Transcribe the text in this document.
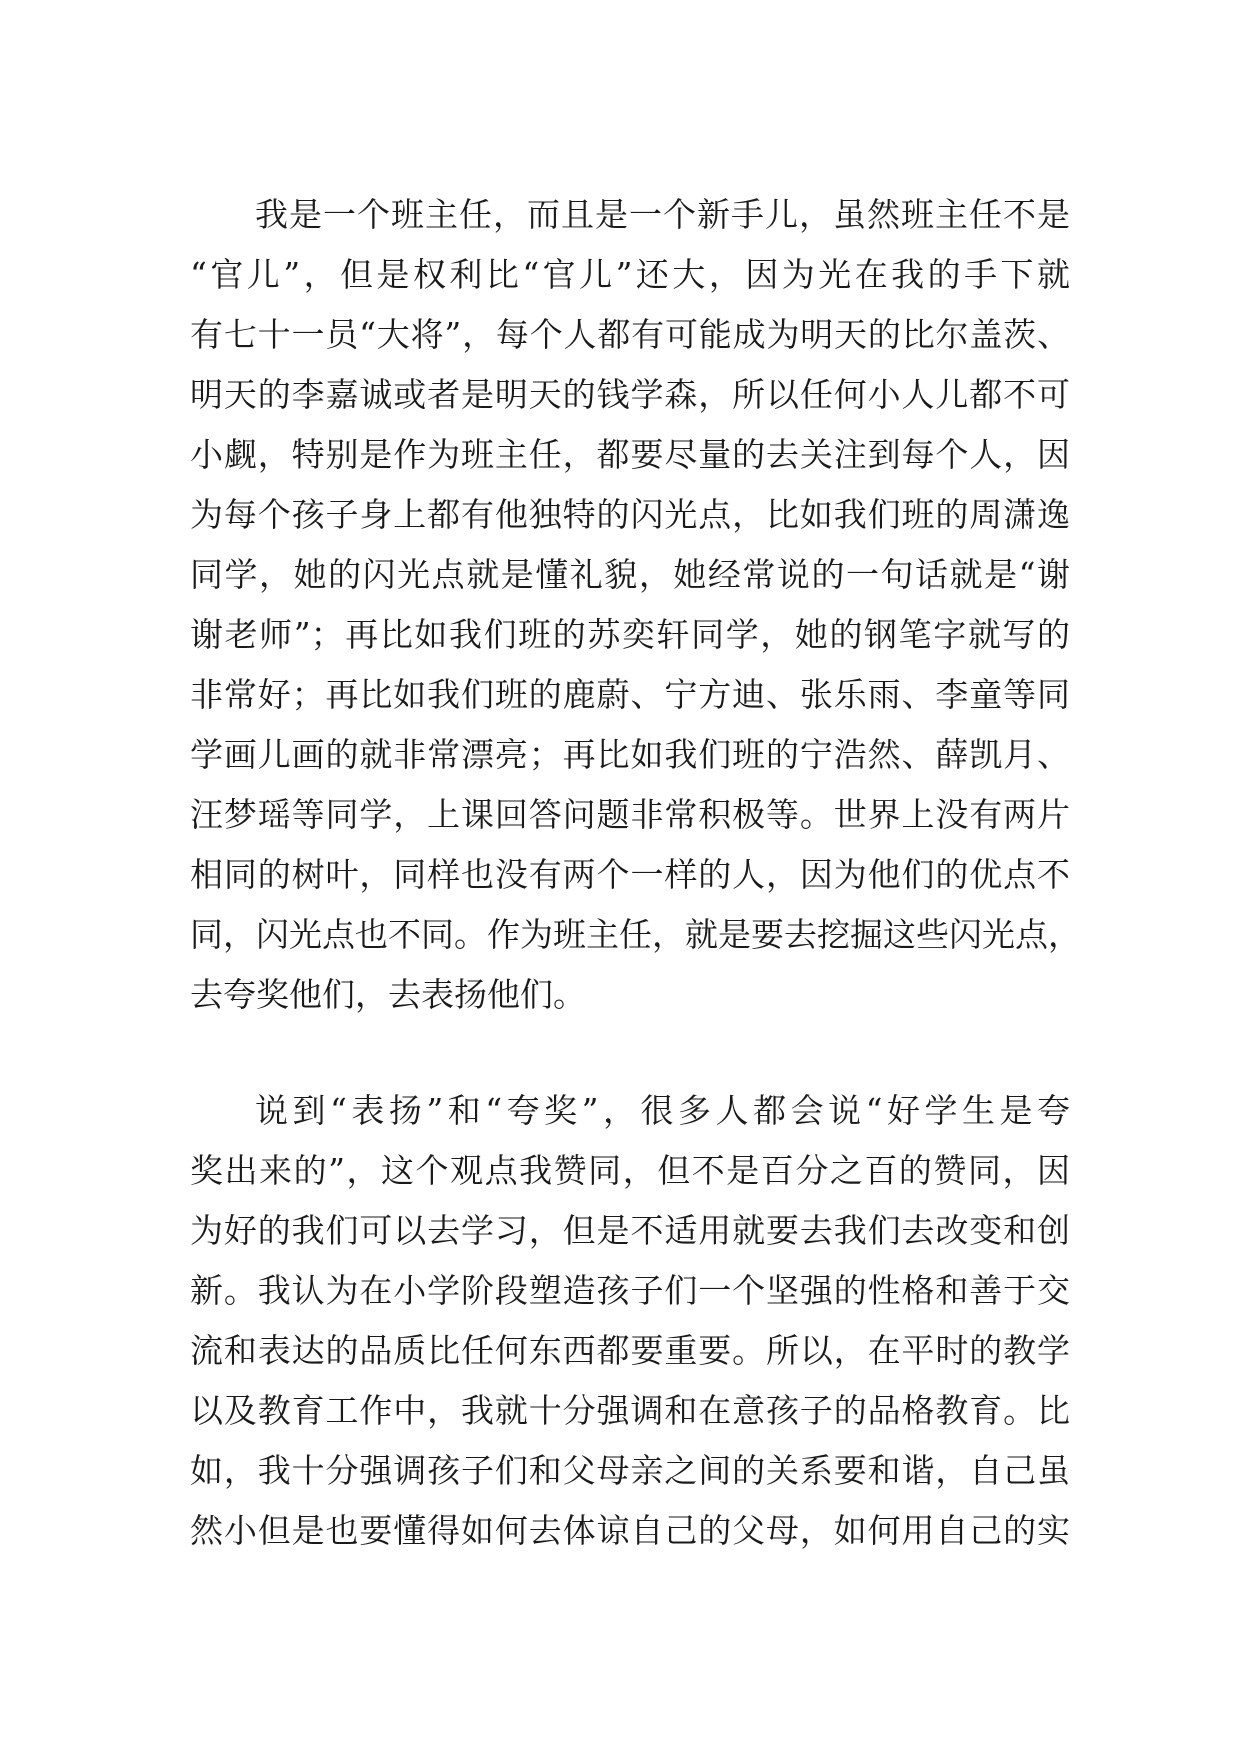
我是一个班主任，而且是一个新手儿，虽然班主任不是
“官儿”，但是权利比“官儿”还大，因为光在我的手下就
有七十一员“大将”，每个人都有可能成为明天的比尔盖茨、
明天的李嘉诚或者是明天的钱学森，所以任何小人儿都不可
小觑，特别是作为班主任，都要尽量的去关注到每个人，因
为每个孩子身上都有他独特的闪光点，比如我们班的周潇逸
同学，她的闪光点就是懂礼貌，她经常说的一句话就是“谢
谢老师”；再比如我们班的苏奕轩同学，她的钢笔字就写的
非常好；再比如我们班的鹿蔚、宁方迪、张乐雨、李童等同
学画儿画的就非常漂亮；再比如我们班的宁浩然、薛凯月、
汪梦瑶等同学，上课回答问题非常积极等。世界上没有两片
相同的树叶，同样也没有两个一样的人，因为他们的优点不
同，闪光点也不同。作为班主任，就是要去挖掘这些闪光点，
去夸奖他们，去表扬他们。
说到“表扬”和“夸奖”，很多人都会说“好学生是夸
奖出来的”，这个观点我赞同，但不是百分之百的赞同，因
为好的我们可以去学习，但是不适用就要去我们去改变和创
新。我认为在小学阶段塑造孩子们一个坚强的性格和善于交
流和表达的品质比任何东西都要重要。所以，在平时的教学
以及教育工作中，我就十分强调和在意孩子的品格教育。比
如，我十分强调孩子们和父母亲之间的关系要和谐，自己虽
然小但是也要懂得如何去体谅自己的父母，如何用自己的实
